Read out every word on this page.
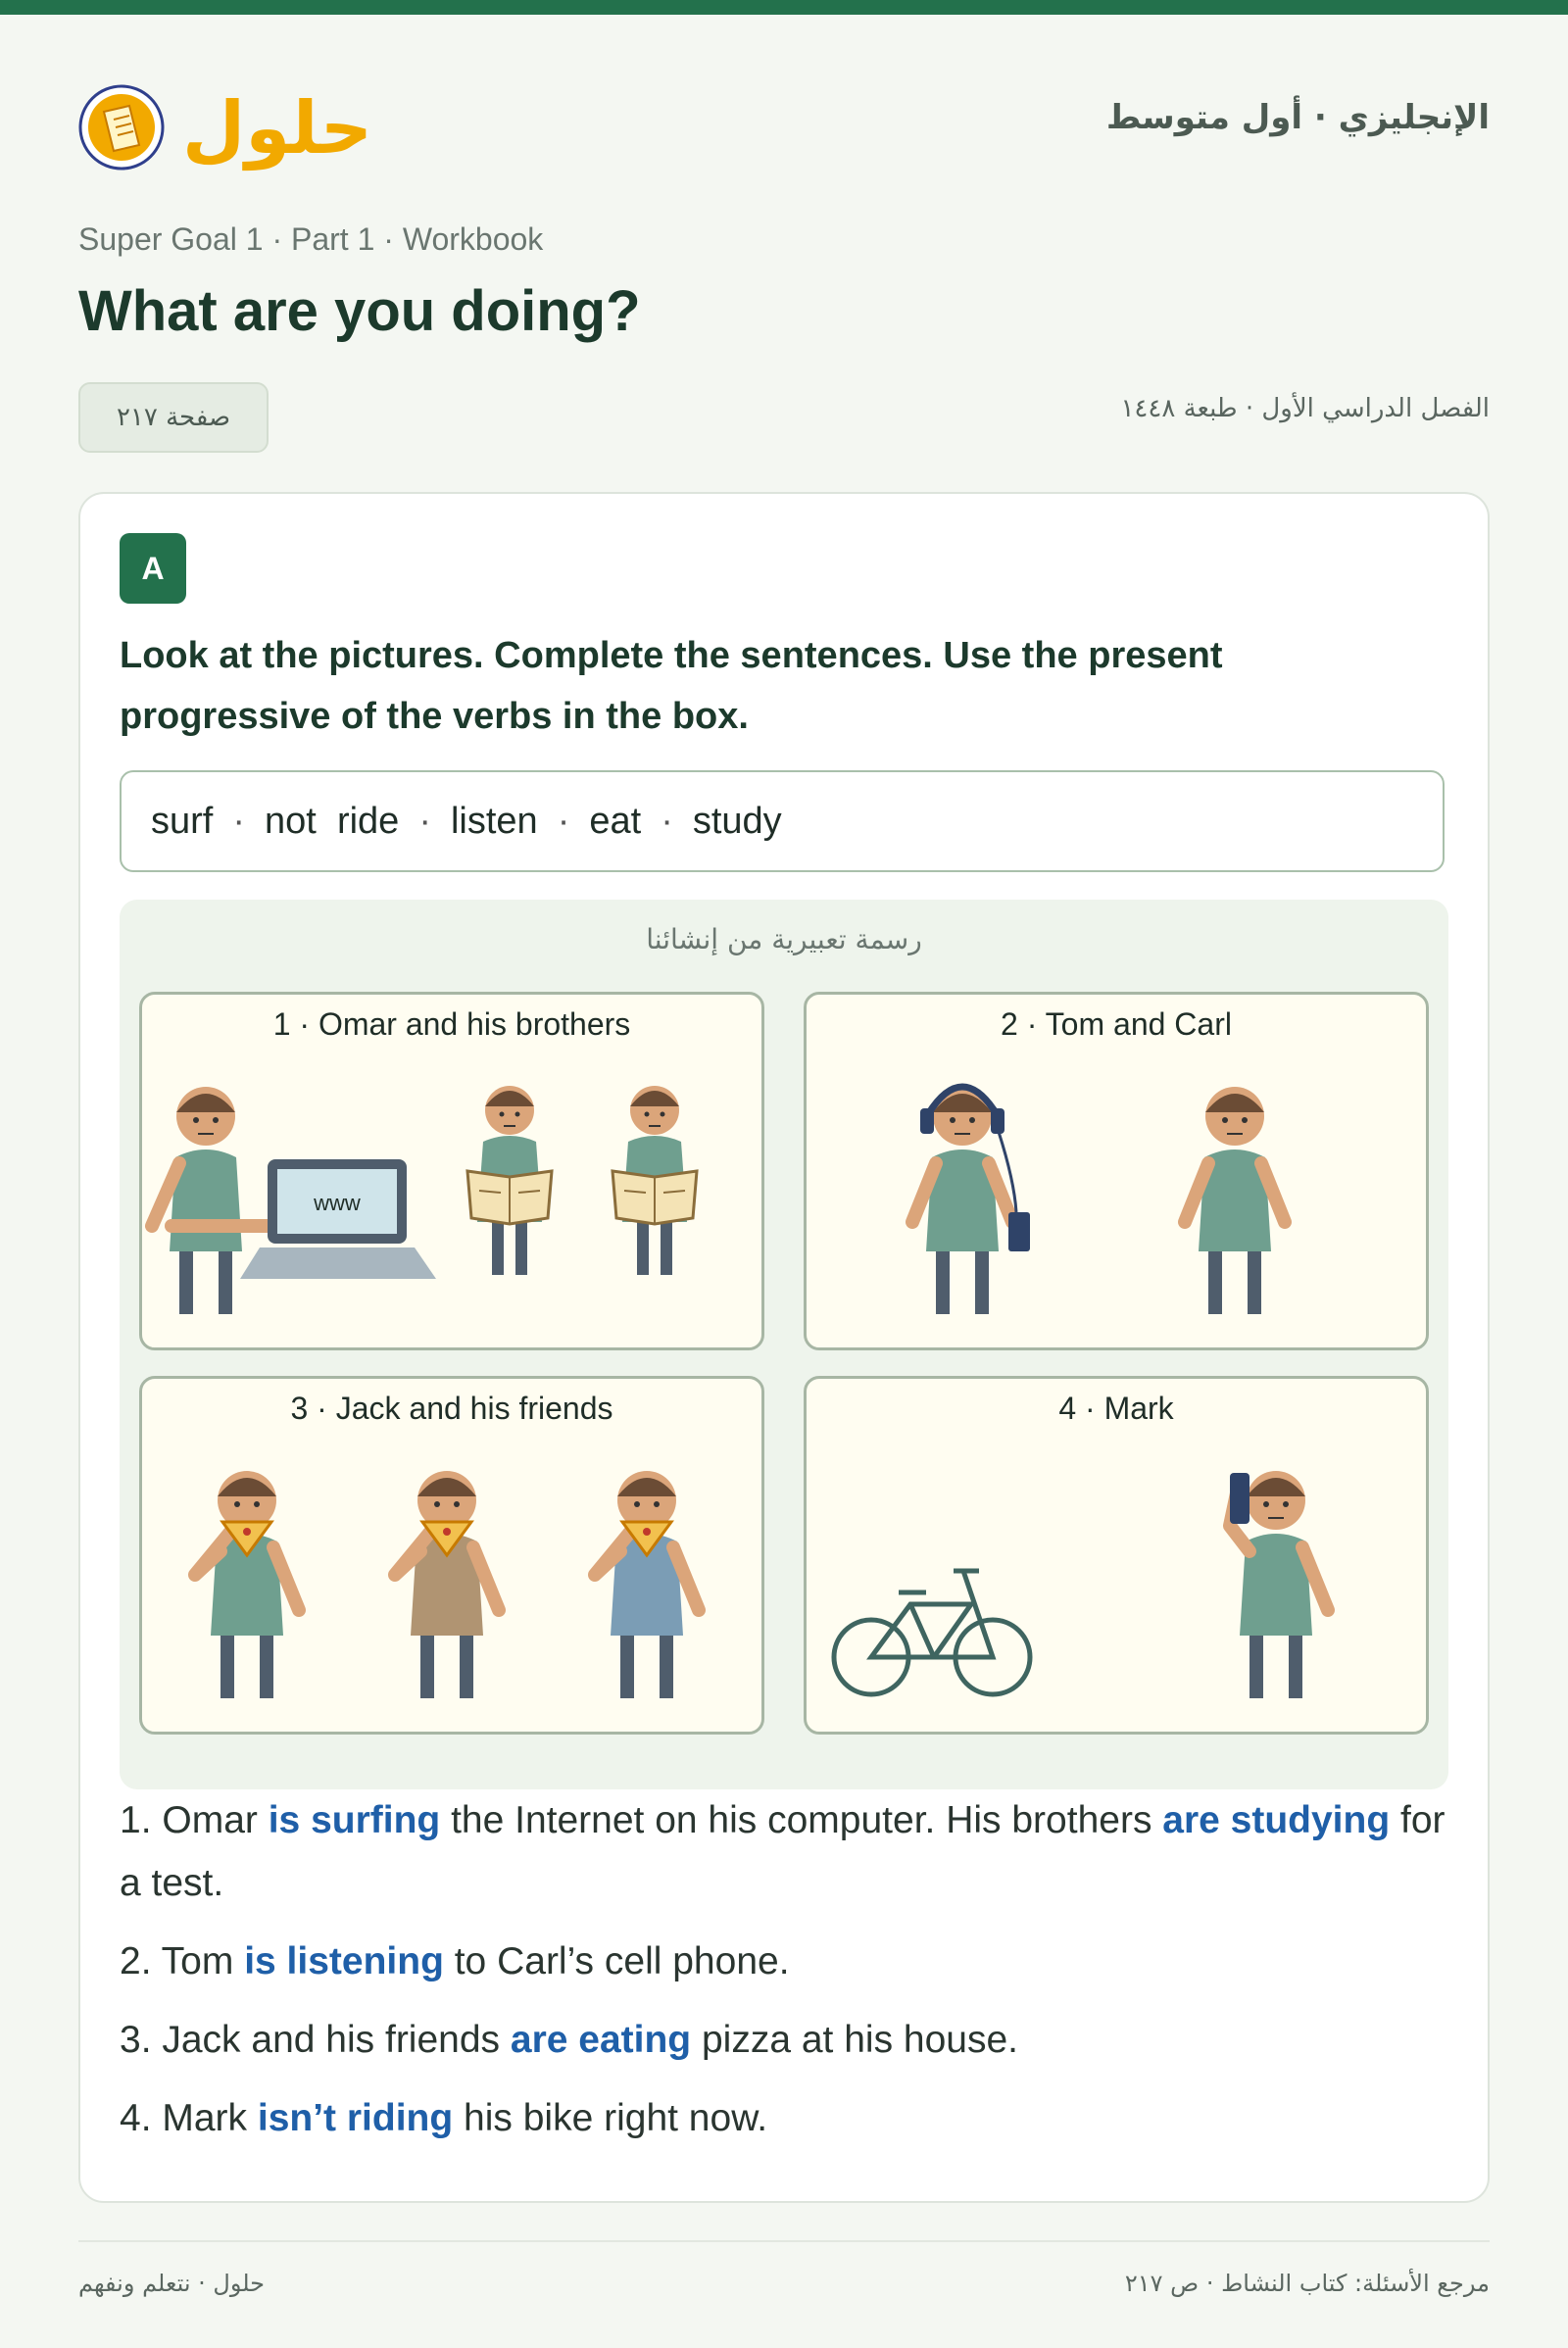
حلول	الإنجليزي · أول متوسط
Super Goal 1 · Part 1 · Workbook
What are you doing?
صفحة ٢١٧	الفصل الدراسي الأول · طبعة ١٤٤٨
A
Look at the pictures. Complete the sentences. Use the present progressive of the verbs in the box.
surf · not  ride · listen · eat · study
رسمة تعبيرية من إنشائنا
www
1 · Omar and his brothers	2 · Tom and Carl
3 · Jack and his friends	4 · Mark

1. Omar is surfing the Internet on his computer. His brothers are studying for a test.

2. Tom is listening to Carl’s cell phone.

3. Jack and his friends are eating pizza at his house.

4. Mark isn’t riding his bike right now.

حلول · نتعلم ونفهم	مرجع الأسئلة: كتاب النشاط · ص ٢١٧
